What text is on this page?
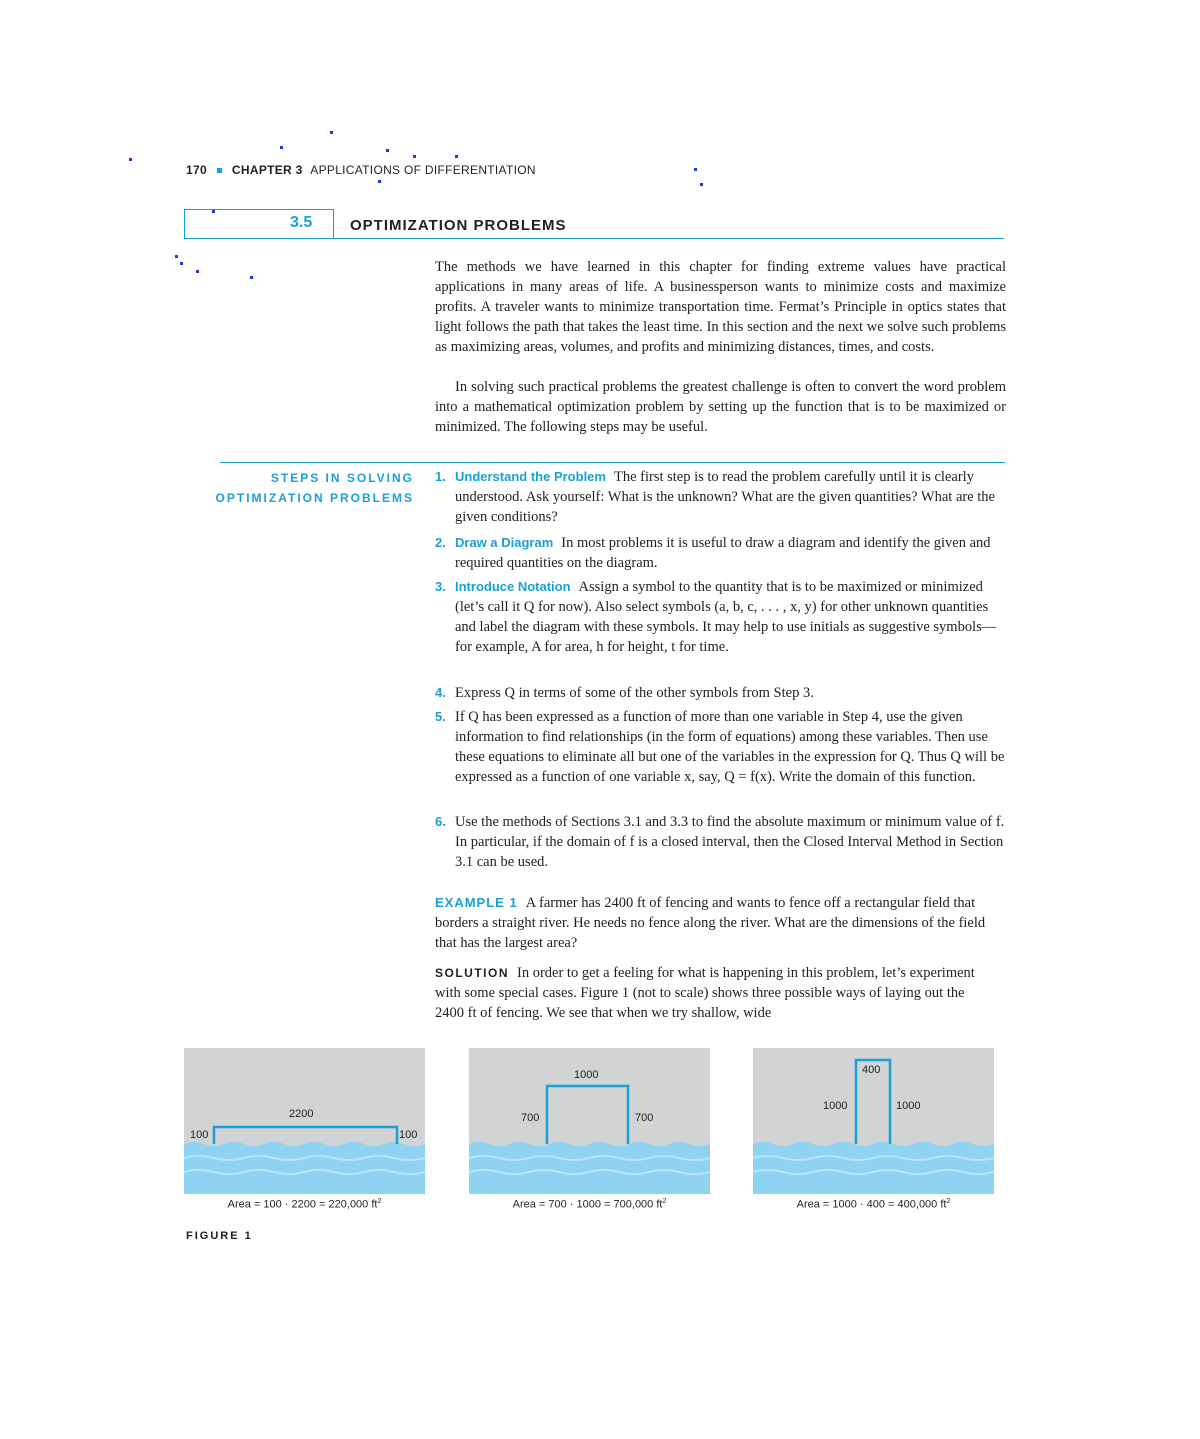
170 CHAPTER 3 APPLICATIONS OF DIFFERENTIATION
3.5	OPTIMIZATION PROBLEMS
The methods we have learned in this chapter for finding extreme values have practical applications in many areas of life. A businessperson wants to minimize costs and maximize profits. A traveler wants to minimize transportation time. Fermat’s Principle in optics states that light follows the path that takes the least time. In this section and the next we solve such problems as maximizing areas, volumes, and profits and minimizing distances, times, and costs.
In solving such practical problems the greatest challenge is often to convert the word problem into a mathematical optimization problem by setting up the function that is to be maximized or minimized. The following steps may be useful.
STEPS IN SOLVING
OPTIMIZATION PROBLEMS
1. Understand the Problem The first step is to read the problem carefully until it is clearly understood. Ask yourself: What is the unknown? What are the given quantities? What are the given conditions?
2. Draw a Diagram In most problems it is useful to draw a diagram and identify the given and required quantities on the diagram.
3. Introduce Notation Assign a symbol to the quantity that is to be maximized or minimized (let’s call it Q for now). Also select symbols (a, b, c, . . . , x, y) for other unknown quantities and label the diagram with these symbols. It may help to use initials as suggestive symbols—for example, A for area, h for height, t for time.
4. Express Q in terms of some of the other symbols from Step 3.
5. If Q has been expressed as a function of more than one variable in Step 4, use the given information to find relationships (in the form of equations) among these variables. Then use these equations to eliminate all but one of the variables in the expression for Q. Thus Q will be expressed as a function of one variable x, say, Q = f(x). Write the domain of this function.
6. Use the methods of Sections 3.1 and 3.3 to find the absolute maximum or minimum value of f. In particular, if the domain of f is a closed interval, then the Closed Interval Method in Section 3.1 can be used.
EXAMPLE 1 A farmer has 2400 ft of fencing and wants to fence off a rectangular field that borders a straight river. He needs no fence along the river. What are the dimensions of the field that has the largest area?
SOLUTION In order to get a feeling for what is happening in this problem, let’s experiment with some special cases. Figure 1 (not to scale) shows three possible ways of laying out the 2400 ft of fencing. We see that when we try shallow, wide
2200
100	100
Area = 100 · 2200 = 220,000 $ft^2$
1000
700	700
Area = 700 · 1000 = 700,000 $ft^2$
400
1000	1000
Area = 1000 · 400 = 400,000 $ft^2$
FIGURE 1
